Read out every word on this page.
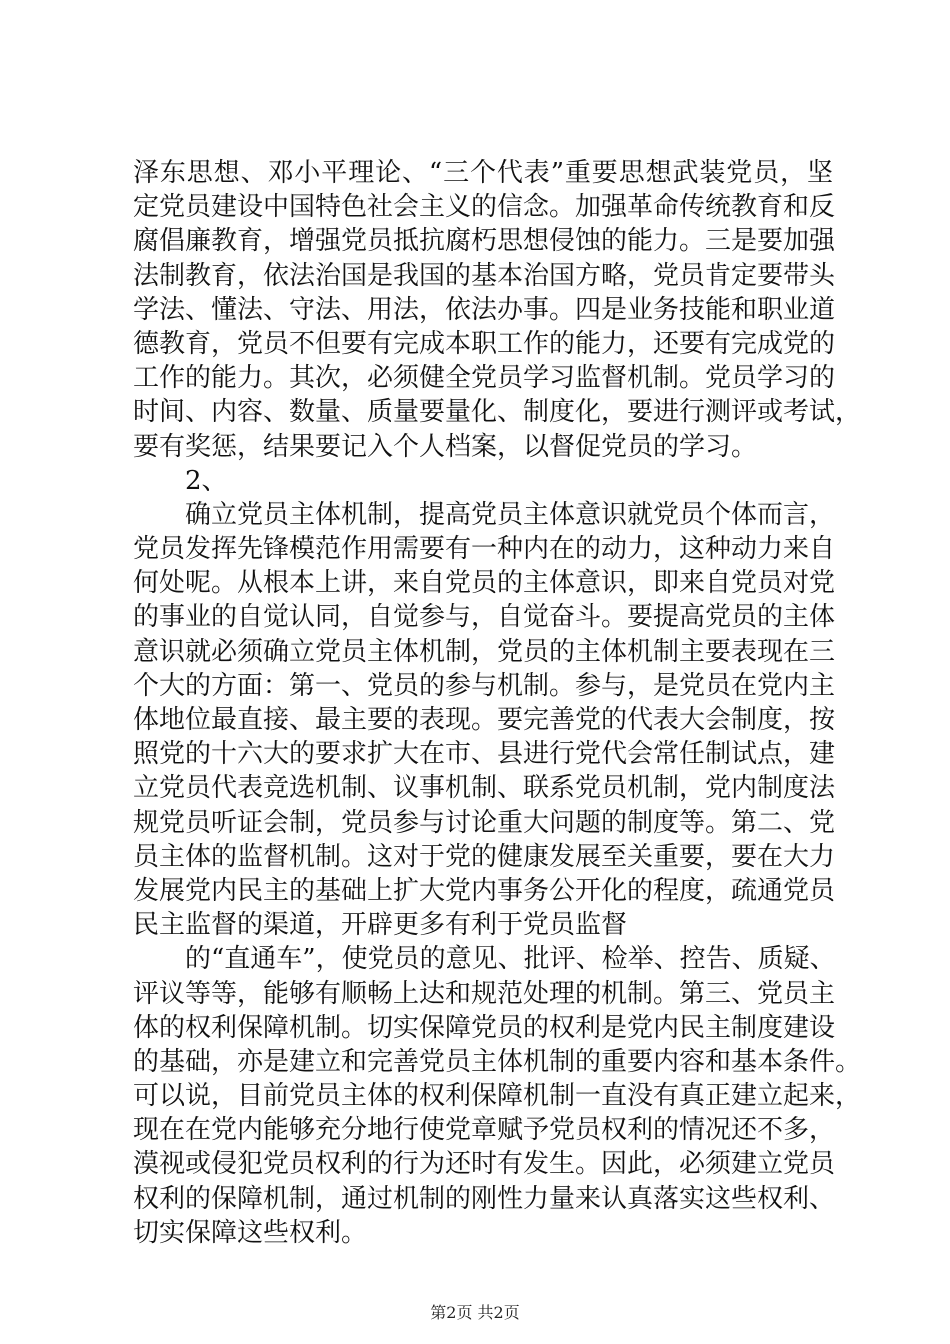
泽东思想、邓小平理论、“三个代表”重要思想武装党员，坚
定党员建设中国特色社会主义的信念。加强革命传统教育和反
腐倡廉教育，增强党员抵抗腐朽思想侵蚀的能力。三是要加强
法制教育，依法治国是我国的基本治国方略，党员肯定要带头
学法、懂法、守法、用法，依法办事。四是业务技能和职业道
德教育，党员不但要有完成本职工作的能力，还要有完成党的
工作的能力。其次，必须健全党员学习监督机制。党员学习的
时间、内容、数量、质量要量化、制度化，要进行测评或考试，
要有奖惩，结果要记入个人档案，以督促党员的学习。
2、
确立党员主体机制，提高党员主体意识就党员个体而言，
党员发挥先锋模范作用需要有一种内在的动力，这种动力来自
何处呢。从根本上讲，来自党员的主体意识，即来自党员对党
的事业的自觉认同，自觉参与，自觉奋斗。要提高党员的主体
意识就必须确立党员主体机制，党员的主体机制主要表现在三
个大的方面：第一、党员的参与机制。参与，是党员在党内主
体地位最直接、最主要的表现。要完善党的代表大会制度，按
照党的十六大的要求扩大在市、县进行党代会常任制试点，建
立党员代表竞选机制、议事机制、联系党员机制，党内制度法
规党员听证会制，党员参与讨论重大问题的制度等。第二、党
员主体的监督机制。这对于党的健康发展至关重要，要在大力
发展党内民主的基础上扩大党内事务公开化的程度，疏通党员
民主监督的渠道，开辟更多有利于党员监督
的“直通车”，使党员的意见、批评、检举、控告、质疑、
评议等等，能够有顺畅上达和规范处理的机制。第三、党员主
体的权利保障机制。切实保障党员的权利是党内民主制度建设
的基础，亦是建立和完善党员主体机制的重要内容和基本条件。
可以说，目前党员主体的权利保障机制一直没有真正建立起来，
现在在党内能够充分地行使党章赋予党员权利的情况还不多，
漠视或侵犯党员权利的行为还时有发生。因此，必须建立党员
权利的保障机制，通过机制的刚性力量来认真落实这些权利、
切实保障这些权利。
第2页 共2页
